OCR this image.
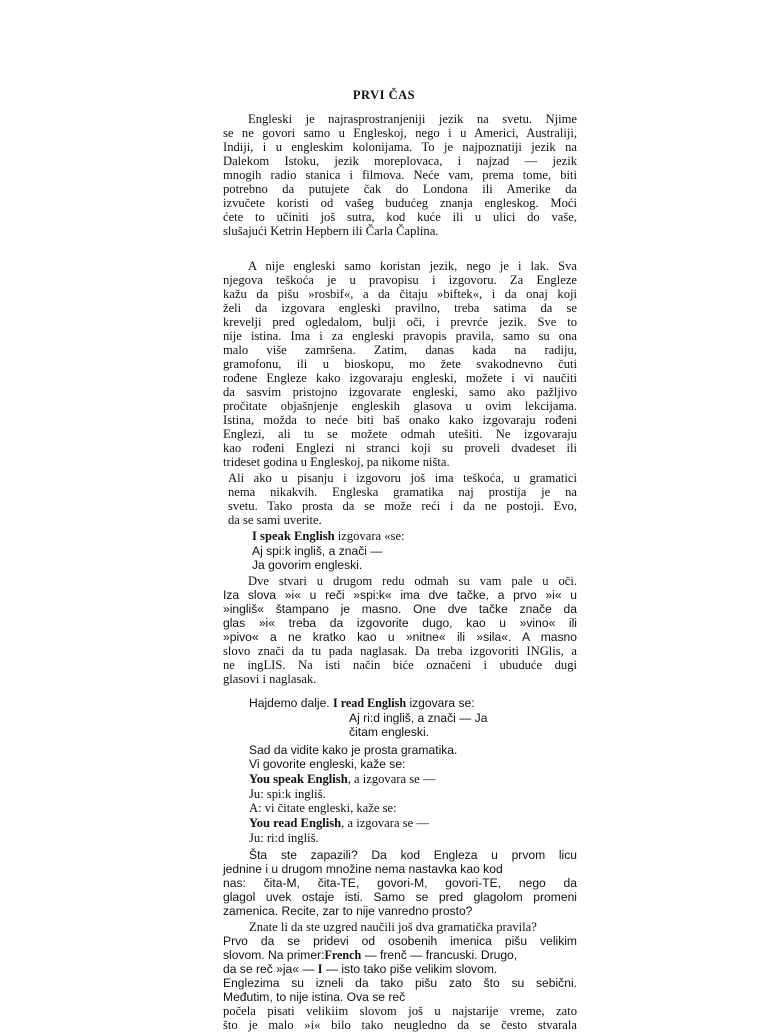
PRVI ČAS
Engleski je najrasprostranjeniji jezik na svetu. Njime
se ne govori samo u Engleskoj, nego i u Americi, Australiji,
Indiji, i u engleskim kolonijama. To je najpoznatiji jezik na
Dalekom Istoku, jezik moreplovaca, i najzad — jezik
mnogih radio stanica i filmova. Neće vam, prema tome, biti
potrebno da putujete čak do Londona ili Amerike da
izvučete koristi od vašeg budućeg znanja engleskog. Moći
ćete to učiniti još sutra, kod kuće ili u ulici do vaše,
slušajući Ketrin Hepbern ili Čarla Čaplina.
A nije engleski samo koristan jezik, nego je i lak. Sva
njegova teškoća je u pravopisu i izgovoru. Za Engleze
kažu da pišu »rosbif«, a da čitaju »biftek«, i da onaj koji
želi da izgovara engleski pravilno, treba satima da se
krevelji pred ogledalom, bulji oči, i prevrće jezik. Sve to
nije istina. Ima i za engleski pravopis pravila, samo su ona
malo više zamršena. Zatim, danas kada na radiju,
gramofonu, ili u bioskopu, mo žete svakodnevno čuti
rođene Engleze kako izgovaraju engleski, možete i vi naučiti
da sasvim pristojno izgovarate engleski, samo ako pažljivo
pročitate objašnjenje engleskih glasova u ovim lekcijama.
Istina, možda to neće biti baš onako kako izgovaraju rođeni
Englezi, ali tu se možete odmah utešiti. Ne izgovaraju
kao rođeni Englezi ni stranci koji su proveli dvadeset ili
trideset godina u Engleskoj, pa nikome ništa.
Ali ako u pisanju i izgovoru još ima teškoća, u gramatici
nema nikakvih. Engleska gramatika naj prostija je na
svetu. Tako prosta da se može reći i da ne postoji. Evo,
da se sami uverite.
I speak English izgovara «se:
Aj spi:k ingliš, a znači —
Ja govorim engleski.
Dve stvari u drugom redu odmah su vam pale u oči.
Iza slova »i« u reči »spi:k« ima dve tačke, a prvo »i« u
»ingliš« štampano je masno. One dve tačke znače da
glas »i« treba da izgovorite dugo, kao u »vino« ili
»pivo« a ne kratko kao u »nitne« ili »sila«. A masno
slovo znači da tu pada naglasak. Da treba izgovoriti INGlis, a
ne ingLIS. Na isti način biće označeni i ubuduće dugi
glasovi i naglasak.
Hajdemo dalje. I read English izgovara se:
Aj ri:d ingliš, a znači — Ja
čitam engleski.
Sad da vidite kako je prosta gramatika.
Vi govorite engleski, kaže se:
You speak English, a izgovara se —
Ju: spi:k ingliš.
A: vi čitate engleski, kaže se:
You read English, a izgovara se —
Ju: ri:d ingliš.
Šta ste zapazili? Da kod Engleza u prvom licu
jednine i u drugom množine nema nastavka kao kod
nas: čita-M, čita-TE, govori-M, govori-TE, nego da
glagol uvek ostaje isti. Samo se pred glagolom promeni
zamenica. Recite, zar to nije vanredno prosto?
Znate li da ste uzgred naučili još dva gramatička pravila?
Prvo da se pridevi od osobenih imenica pišu velikim
slovom. Na primer: French — frenč — francuski. Drugo,
da se reč »ja« — I — isto tako piše velikim slovom.
Englezima su izneli da tako pišu zato što su sebični.
Međutim, to nije istina. Ova se reč
počela pisati velikiim slovom još u najstarije vreme, zato
što je malo »i« bilo tako neugledno da se često stvarala
